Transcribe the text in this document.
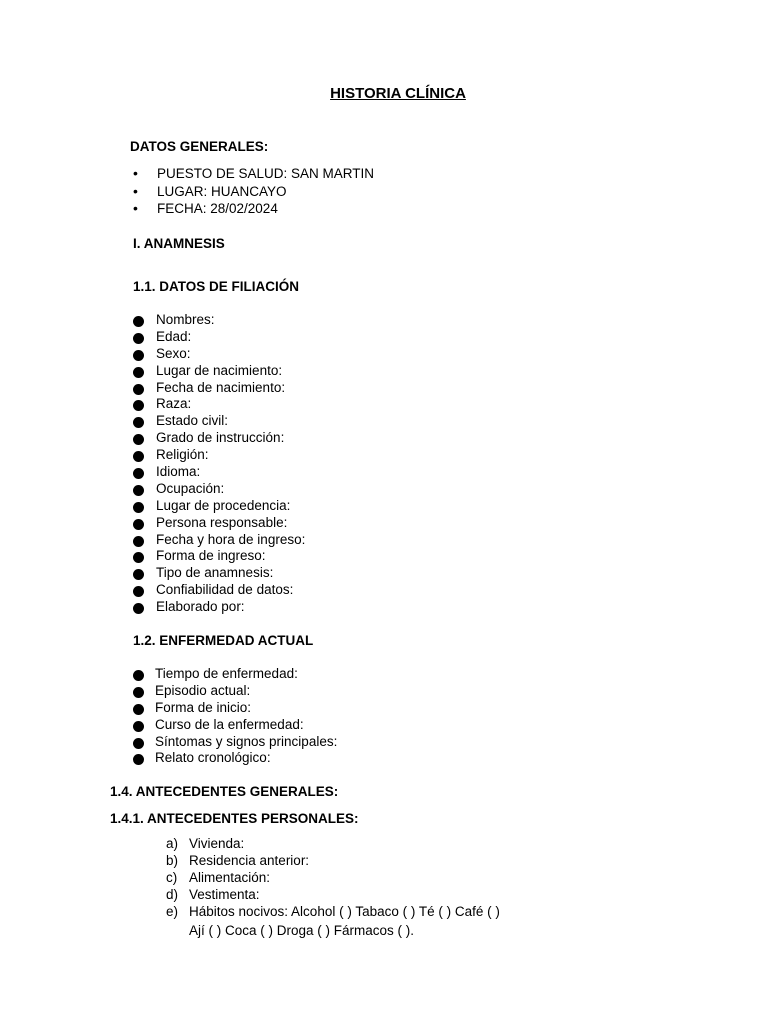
HISTORIA CLÍNICA
DATOS GENERALES:
• PUESTO DE SALUD: SAN MARTIN
• LUGAR: HUANCAYO
• FECHA: 28/02/2024
I. ANAMNESIS
1.1. DATOS DE FILIACIÓN
Nombres:
Edad:
Sexo:
Lugar de nacimiento:
Fecha de nacimiento:
Raza:
Estado civil:
Grado de instrucción:
Religión:
Idioma:
Ocupación:
Lugar de procedencia:
Persona responsable:
Fecha y hora de ingreso:
Forma de ingreso:
Tipo de anamnesis:
Confiabilidad de datos:
Elaborado por:
1.2. ENFERMEDAD ACTUAL
Tiempo de enfermedad:
Episodio actual:
Forma de inicio:
Curso de la enfermedad:
Síntomas y signos principales:
Relato cronológico:
1.4. ANTECEDENTES GENERALES:
1.4.1. ANTECEDENTES PERSONALES:
a) Vivienda:
b) Residencia anterior:
c) Alimentación:
d) Vestimenta:
e) Hábitos nocivos: Alcohol ( ) Tabaco ( ) Té ( ) Café ( )
Ají ( ) Coca ( ) Droga ( ) Fármacos ( ).
